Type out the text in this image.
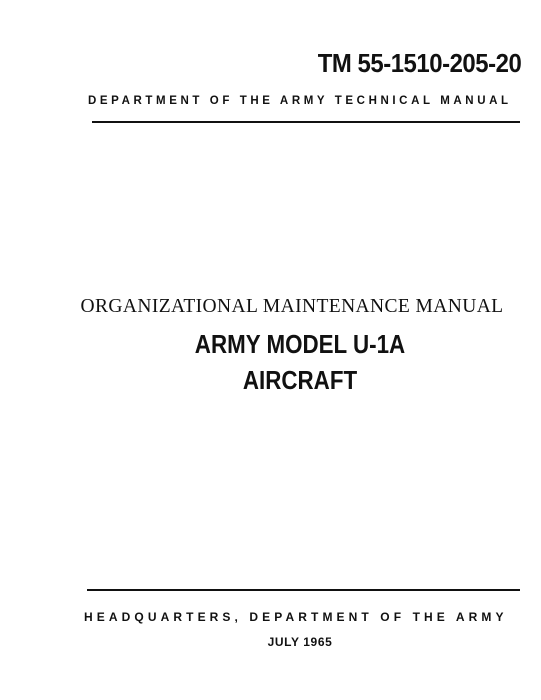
TM 55-1510-205-20
DEPARTMENT OF THE ARMY TECHNICAL MANUAL
ORGANIZATIONAL MAINTENANCE MANUAL
ARMY MODEL U-1A
AIRCRAFT
HEADQUARTERS, DEPARTMENT OF THE ARMY
JULY 1965
